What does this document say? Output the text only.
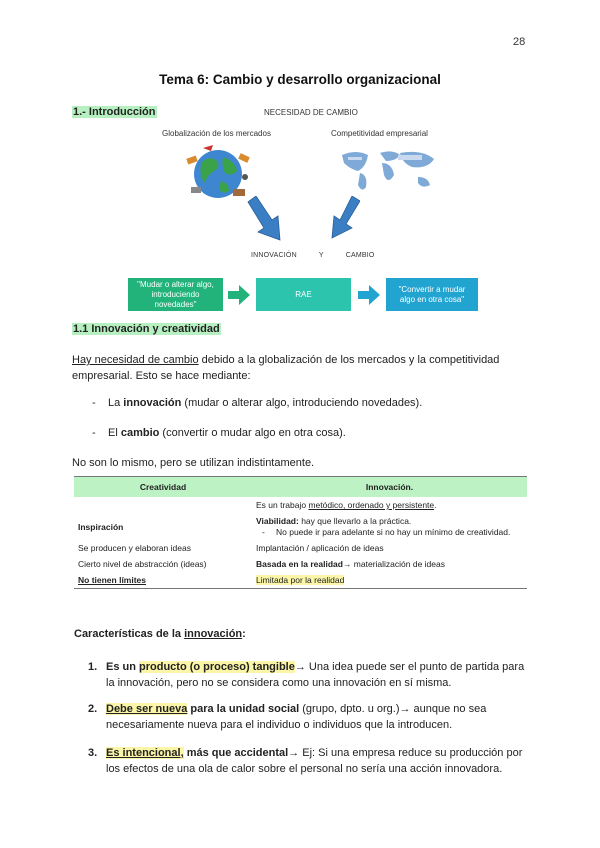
28
Tema 6: Cambio y desarrollo organizacional
1.- Introducción	NECESIDAD DE CAMBIO
Globalización de los mercados	Competitividad empresarial
INNOVACIÓN	Y	CAMBIO
"Mudar o alterar algo, introduciendo novedades"
RAE
"Convertir a mudar algo en otra cosa"
1.1 Innovación y creatividad
Hay necesidad de cambio debido a la globalización de los mercados y la competitividad empresarial. Esto se hace mediante:
- La innovación (mudar o alterar algo, introduciendo novedades).
- El cambio (convertir o mudar algo en otra cosa).
No son lo mismo, pero se utilizan indistintamente.
Creatividad	Innovación.
	Es un trabajo metódico, ordenado y persistente.
Inspiración	Viabilidad: hay que llevarlo a la práctica.
- No puede ir para adelante si no hay un mínimo de creatividad.

Se producen y elaboran ideas	Implantación / aplicación de ideas
Cierto nivel de abstracción (ideas)	Basada en la realidad→ materialización de ideas
No tienen límites	Limitada por la realidad
Características de la innovación:
1. Es un producto (o proceso) tangible→ Una idea puede ser el punto de partida para la innovación, pero no se considera como una innovación en sí misma.
2. Debe ser nueva para la unidad social (grupo, dpto. u org.)→ aunque no sea necesariamente nueva para el individuo o individuos que la introducen.
3. Es intencional, más que accidental→ Ej: Si una empresa reduce su producción por los efectos de una ola de calor sobre el personal no sería una acción innovadora.
